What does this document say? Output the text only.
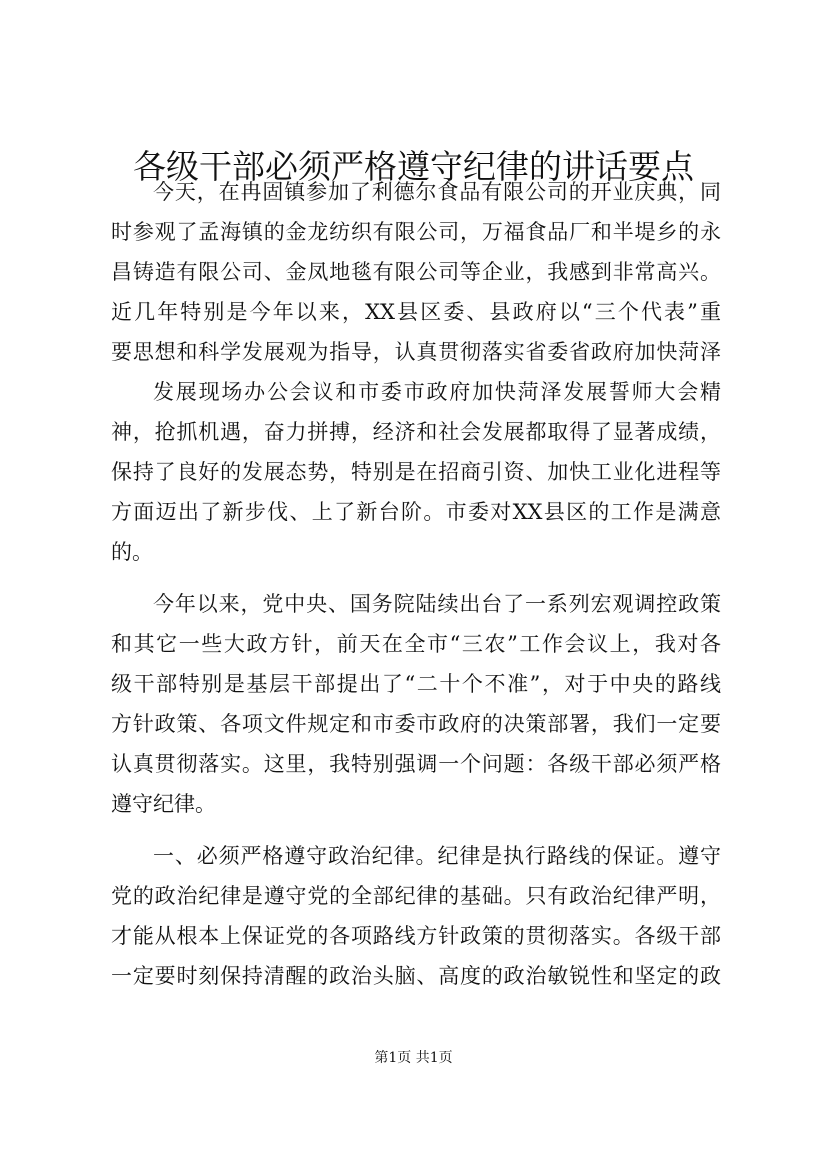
各级干部必须严格遵守纪律的讲话要点
今天，在冉固镇参加了利德尔食品有限公司的开业庆典，同
时参观了孟海镇的金龙纺织有限公司，万福食品厂和半堤乡的永
昌铸造有限公司、金凤地毯有限公司等企业，我感到非常高兴。
近几年特别是今年以来，XX县区委、县政府以“三个代表”重
要思想和科学发展观为指导，认真贯彻落实省委省政府加快菏泽
发展现场办公会议和市委市政府加快菏泽发展誓师大会精
神，抢抓机遇，奋力拼搏，经济和社会发展都取得了显著成绩，
保持了良好的发展态势，特别是在招商引资、加快工业化进程等
方面迈出了新步伐、上了新台阶。市委对XX县区的工作是满意
的。
今年以来，党中央、国务院陆续出台了一系列宏观调控政策
和其它一些大政方针，前天在全市“三农”工作会议上，我对各
级干部特别是基层干部提出了“二十个不准”，对于中央的路线
方针政策、各项文件规定和市委市政府的决策部署，我们一定要
认真贯彻落实。这里，我特别强调一个问题：各级干部必须严格
遵守纪律。
一、必须严格遵守政治纪律。纪律是执行路线的保证。遵守
党的政治纪律是遵守党的全部纪律的基础。只有政治纪律严明，
才能从根本上保证党的各项路线方针政策的贯彻落实。各级干部
一定要时刻保持清醒的政治头脑、高度的政治敏锐性和坚定的政
第1页 共1页
